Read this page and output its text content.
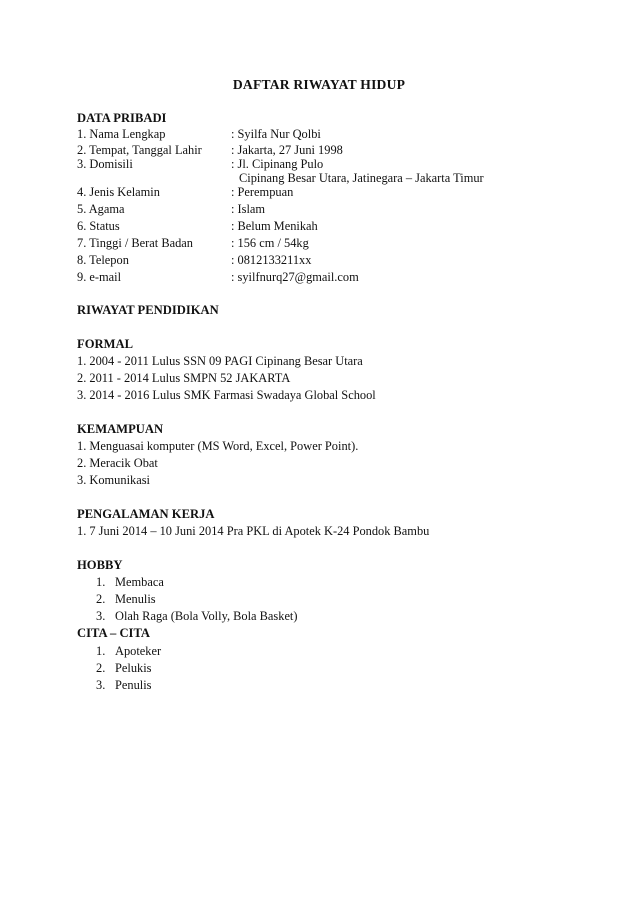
DAFTAR RIWAYAT HIDUP
DATA PRIBADI
1. Nama Lengkap	: Syilfa Nur Qolbi
2. Tempat, Tanggal Lahir : Jakarta, 27 Juni 1998
3. Domisili	: Jl. Cipinang Pulo
Cipinang Besar Utara, Jatinegara – Jakarta Timur
4. Jenis Kelamin	: Perempuan
5. Agama	: Islam
6. Status	: Belum Menikah
7. Tinggi / Berat Badan	: 156 cm / 54kg
8. Telepon	: 0812133211xx
9. e-mail	: syilfnurq27@gmail.com
RIWAYAT PENDIDIKAN
FORMAL
1. 2004 - 2011 Lulus SSN 09 PAGI Cipinang Besar Utara
2. 2011 - 2014 Lulus SMPN 52 JAKARTA
3. 2014 - 2016 Lulus SMK Farmasi Swadaya Global School
KEMAMPUAN
1. Menguasai komputer (MS Word, Excel, Power Point).
2. Meracik Obat
3. Komunikasi
PENGALAMAN KERJA
1. 7 Juni 2014 – 10 Juni 2014 Pra PKL di Apotek K-24 Pondok Bambu
HOBBY
1. Membaca
2. Menulis
3. Olah Raga (Bola Volly, Bola Basket)
CITA – CITA
1. Apoteker
2. Pelukis
3. Penulis
